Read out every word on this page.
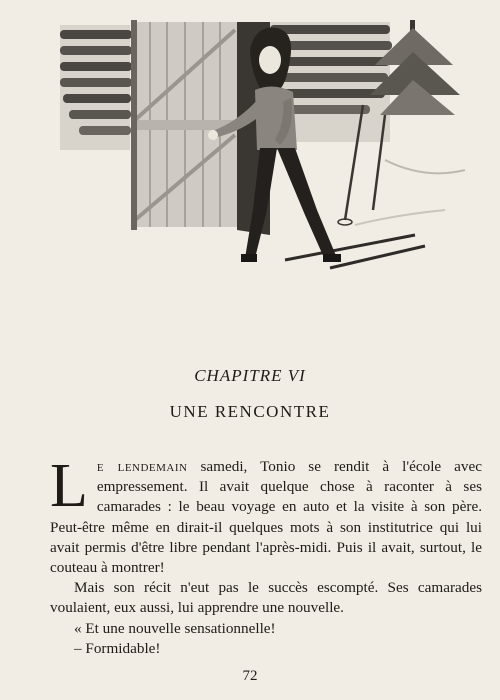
CHAPITRE VI
UNE RENCONTRE

Le lendemain samedi, Tonio se rendit à l'école avec empressement. Il avait quelque chose à raconter à ses camarades : le beau voyage en auto et la visite à son père. Peut-être même en dirait-il quelques mots à son institutrice qui lui avait permis d'être libre pendant l'après-midi. Puis il avait, surtout, le couteau à montrer!

Mais son récit n'eut pas le succès escompté. Ses camarades voulaient, eux aussi, lui apprendre une nouvelle.

« Et une nouvelle sensationnelle!

– Formidable!

72
